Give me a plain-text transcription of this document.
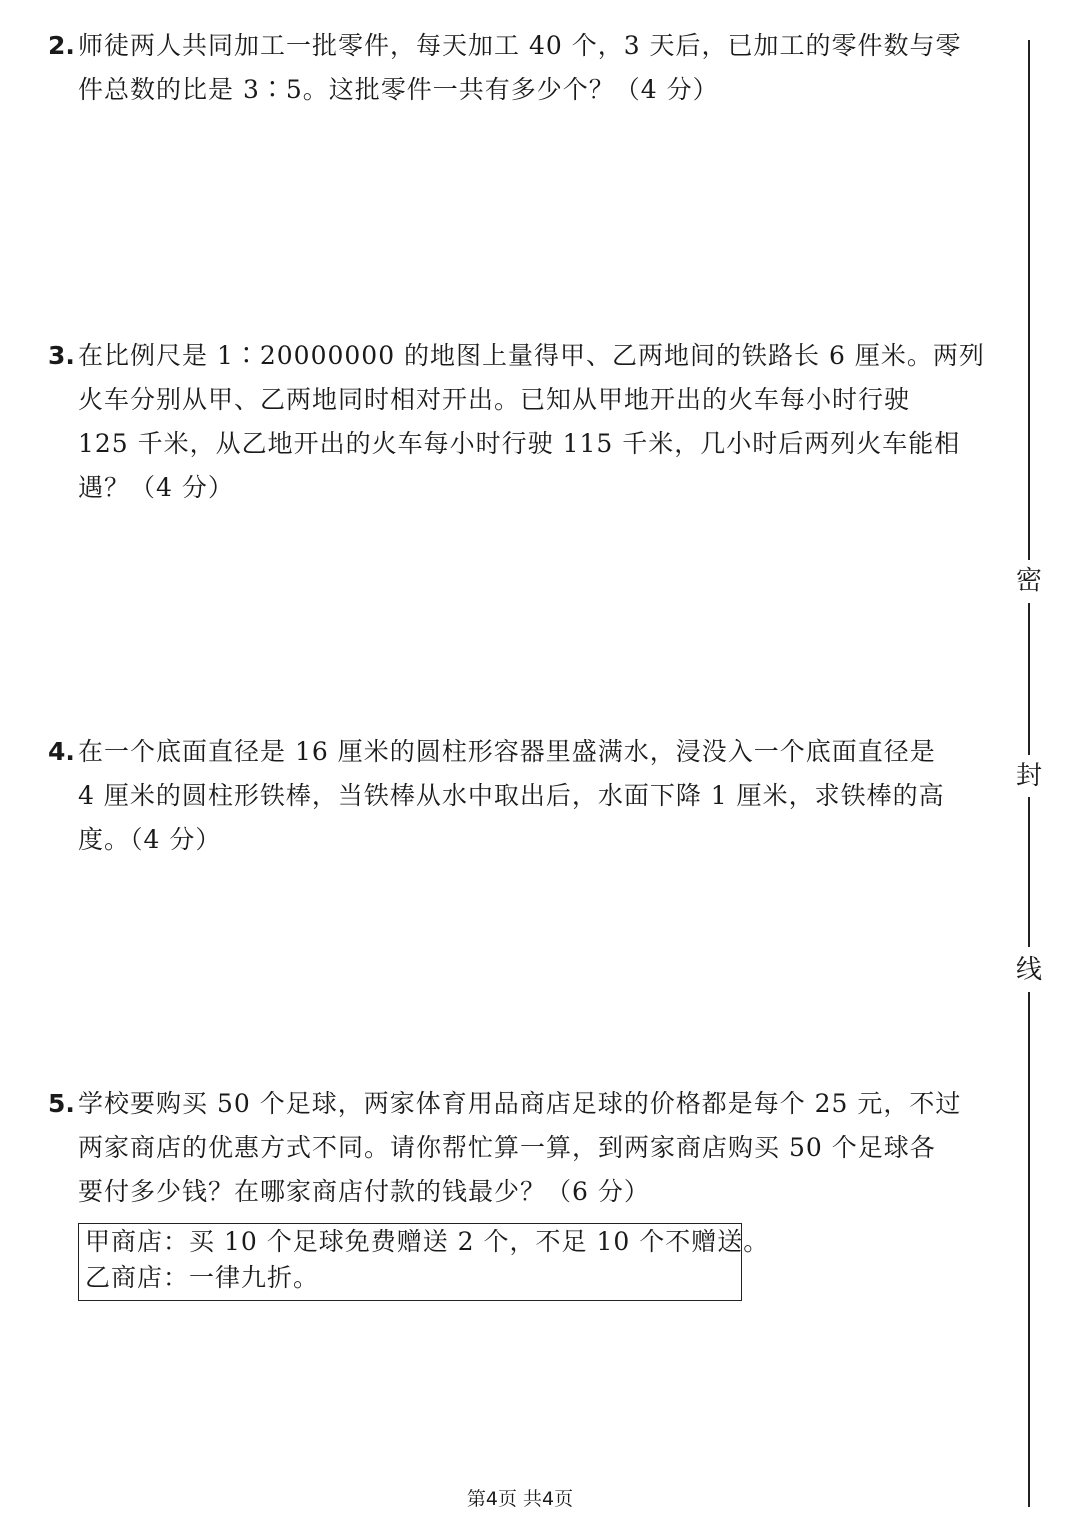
2. 师徒两人共同加工一批零件，每天加工 40 个，3 天后，已加工的零件数与零
件总数的比是 3∶5。这批零件一共有多少个？（4 分）
3. 在比例尺是 1∶20000000 的地图上量得甲、乙两地间的铁路长 6 厘米。两列
火车分别从甲、乙两地同时相对开出。已知从甲地开出的火车每小时行驶
125 千米，从乙地开出的火车每小时行驶 115 千米，几小时后两列火车能相
遇？（4 分）
4. 在一个底面直径是 16 厘米的圆柱形容器里盛满水，浸没入一个底面直径是
4 厘米的圆柱形铁棒，当铁棒从水中取出后，水面下降 1 厘米，求铁棒的高
度。（4 分）
5. 学校要购买 50 个足球，两家体育用品商店足球的价格都是每个 25 元，不过
两家商店的优惠方式不同。请你帮忙算一算，到两家商店购买 50 个足球各
要付多少钱？在哪家商店付款的钱最少？（6 分）
甲商店：买 10 个足球免费赠送 2 个，不足 10 个不赠送。
乙商店：一律九折。
密
封
线
第4页 共4页
